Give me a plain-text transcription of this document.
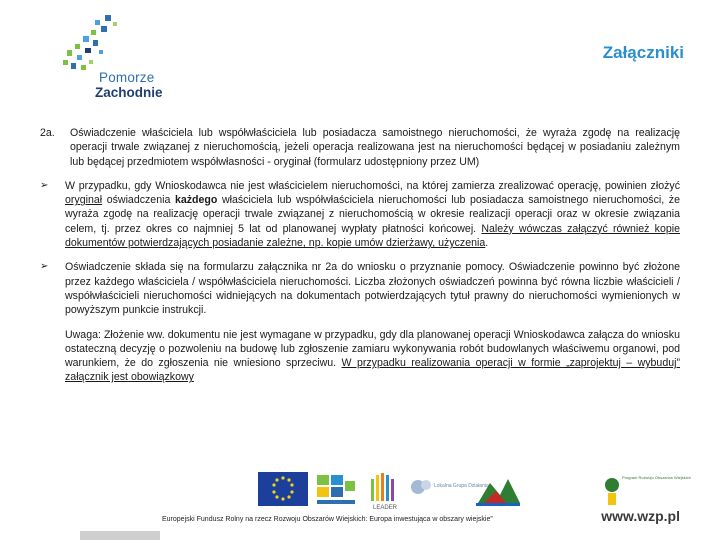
Pomorze
Zachodnie
Załączniki
2a.	Oświadczenie właściciela lub współwłaściciela lub posiadacza samoistnego nieruchomości, że wyraża zgodę na realizację operacji trwale związanej z nieruchomością, jeżeli operacja realizowana jest na nieruchomości będącej w posiadaniu zależnym lub będącej przedmiotem współwłasności - oryginał (formularz udostępniony przez UM)
➢	W przypadku, gdy Wnioskodawca nie jest właścicielem nieruchomości, na której zamierza zrealizować operację, powinien złożyć oryginał oświadczenia każdego właściciela lub współwłaściciela nieruchomości lub posiadacza samoistnego nieruchomości, że wyraża zgodę na realizację operacji trwale związanej z nieruchomością w okresie realizacji operacji oraz w okresie związania celem, tj. przez okres co najmniej 5 lat od planowanej wypłaty płatności końcowej. Należy wówczas załączyć również kopie dokumentów potwierdzających posiadanie zależne, np. kopie umów dzierżawy, użyczenia.
➢	Oświadczenie składa się na formularzu załącznika nr 2a do wniosku o przyznanie pomocy. Oświadczenie powinno być złożone przez każdego właściciela / współwłaściciela nieruchomości. Liczba złożonych oświadczeń powinna być równa liczbie właścicieli / współwłaścicieli nieruchomości widniejących na dokumentach potwierdzających tytuł prawny do nieruchomości wymienionych w powyższym punkcie instrukcji.
Uwaga: Złożenie ww. dokumentu nie jest wymagane w przypadku, gdy dla planowanej operacji Wnioskodawca załącza do wniosku ostateczną decyzję o pozwoleniu na budowę lub zgłoszenie zamiaru wykonywania robót budowlanych właściwemu organowi, pod warunkiem, że do zgłoszenia nie wniesiono sprzeciwu. W przypadku realizowania operacji w formie „zaprojektuj – wybuduj” załącznik jest obowiązkowy
LEADER
Lokalna Grupa Działania
Program Rozwoju Obszarów Wiejskich
Europejski Fundusz Rolny na rzecz Rozwoju Obszarów Wiejskich: Europa inwestująca w obszary wiejskie”	www.wzp.pl
